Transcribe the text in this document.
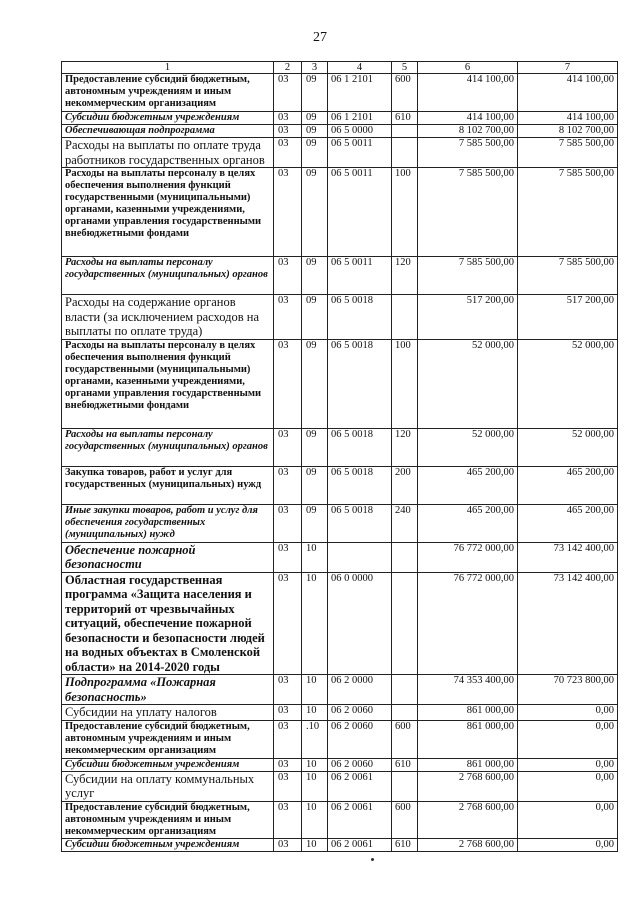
27
1	2	3	4	5	6	7
Предоставление субсидий бюджетным, автономным учреждениям и иным некоммерческим организациям	03	09	06 1 2101	600	414 100,00	414 100,00
Субсидии бюджетным учреждениям	03	09	06 1 2101	610	414 100,00	414 100,00
Обеспечивающая подпрограмма	03	09	06 5 0000		8 102 700,00	8 102 700,00
Расходы на выплаты по оплате труда работников государственных органов	03	09	06 5 0011		7 585 500,00	7 585 500,00
Расходы на выплаты персоналу в целях обеспечения выполнения функций государственными (муниципальными) органами, казенными учреждениями, органами управления государственными внебюджетными фондами	03	09	06 5 0011	100	7 585 500,00	7 585 500,00
Расходы на выплаты персоналу государственных (муниципальных) органов	03	09	06 5 0011	120	7 585 500,00	7 585 500,00
Расходы на содержание органов власти (за исключением расходов на выплаты по оплате труда)	03	09	06 5 0018		517 200,00	517 200,00
Расходы на выплаты персоналу в целях обеспечения выполнения функций государственными (муниципальными) органами, казенными учреждениями, органами управления государственными внебюджетными фондами	03	09	06 5 0018	100	52 000,00	52 000,00
Расходы на выплаты персоналу государственных (муниципальных) органов	03	09	06 5 0018	120	52 000,00	52 000,00
Закупка товаров, работ и услуг для государственных (муниципальных) нужд	03	09	06 5 0018	200	465 200,00	465 200,00
Иные закупки товаров, работ и услуг для обеспечения государственных (муниципальных) нужд	03	09	06 5 0018	240	465 200,00	465 200,00
Обеспечение пожарной безопасности	03	10			76 772 000,00	73 142 400,00
Областная государственная программа «Защита населения и территорий от чрезвычайных ситуаций, обеспечение пожарной безопасности и безопасности людей на водных объектах в Смоленской области» на 2014-2020 годы	03	10	06 0 0000		76 772 000,00	73 142 400,00
Подпрограмма «Пожарная безопасность»	03	10	06 2 0000		74 353 400,00	70 723 800,00
Субсидии на уплату налогов	03	10	06 2 0060		861 000,00	0,00
Предоставление субсидий бюджетным, автономным учреждениям и иным некоммерческим организациям	03	.10	06 2 0060	600	861 000,00	0,00
Субсидии бюджетным учреждениям	03	10	06 2 0060	610	861 000,00	0,00
Субсидии на оплату коммунальных услуг	03	10	06 2 0061		2 768 600,00	0,00
Предоставление субсидий бюджетным, автономным учреждениям и иным некоммерческим организациям	03	10	06 2 0061	600	2 768 600,00	0,00
Субсидии бюджетным учреждениям	03	10	06 2 0061	610	2 768 600,00	0,00
